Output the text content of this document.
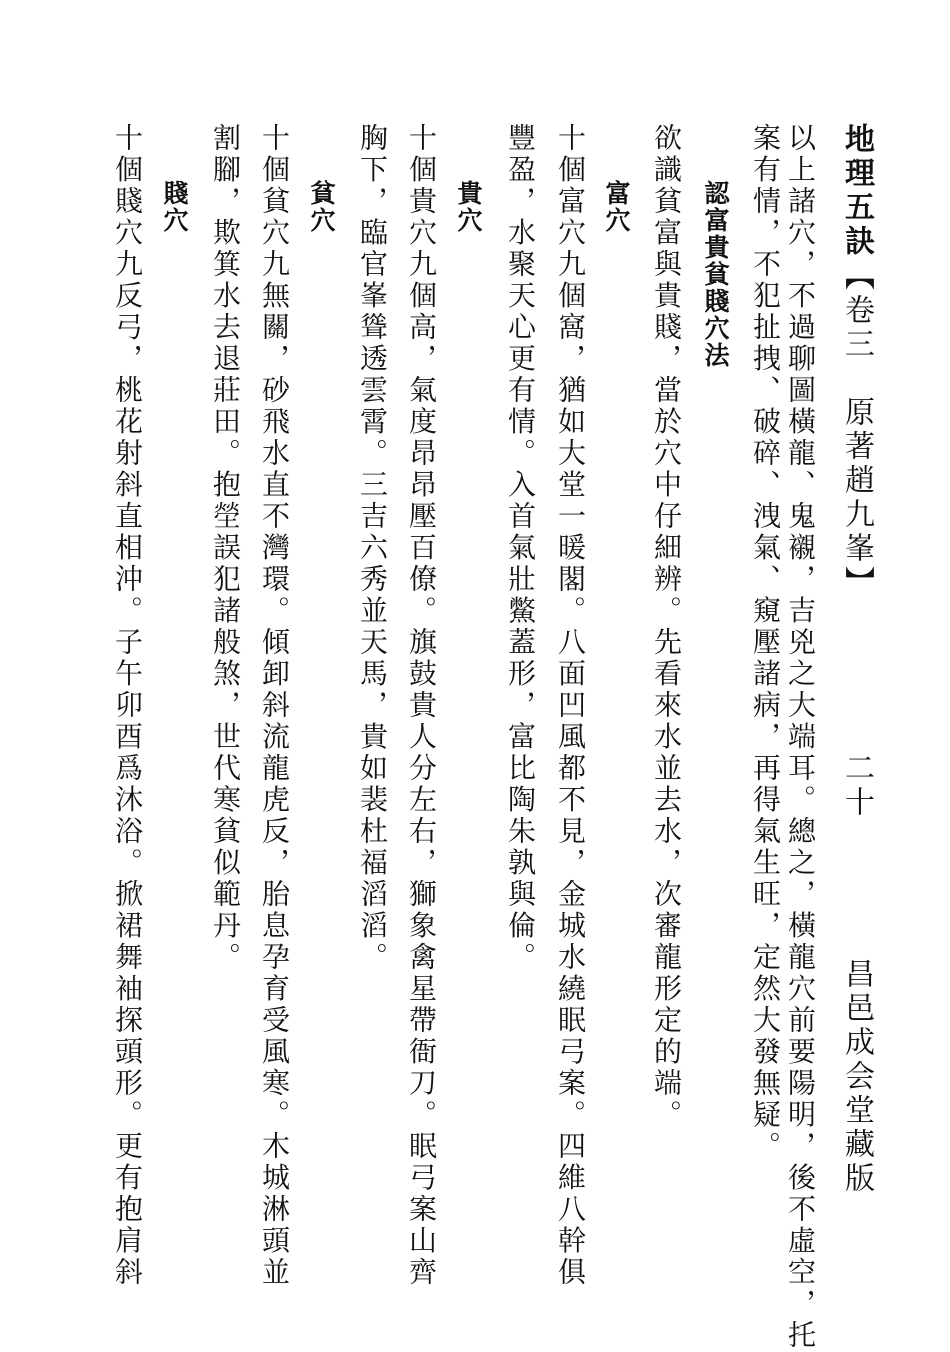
地理五訣
【卷三　原著趙九峯】
二十
昌邑成会堂藏版
以上諸穴，不過聊圖橫龍、鬼襯，吉兇之大端耳。總之，橫龍穴前要陽明，後不虛空，托
案有情，不犯扯拽、破碎、洩氣、窺壓諸病，再得氣生旺，定然大發無疑。
認富貴貧賤穴法
欲識貧富與貴賤，當於穴中仔細辨。先看來水並去水，次審龍形定的端。
富穴
十個富穴九個窩，猶如大堂一暖閣。八面凹風都不見，金城水繞眠弓案。四維八幹俱
豐盈，水聚天心更有情。入首氣壯鱉蓋形，富比陶朱孰與倫。
貴穴
十個貴穴九個高，氣度昂昂壓百僚。旗鼓貴人分左右，獅象禽星帶衙刀。眠弓案山齊
胸下，臨官峯聳透雲霄。三吉六秀並天馬，貴如裴杜福滔滔。
貧穴
十個貧穴九無關，砂飛水直不灣環。傾卸斜流龍虎反，胎息孕育受風寒。木城淋頭並
割腳，欺箕水去退莊田。抱塋誤犯諸般煞，世代寒貧似範丹。
賤穴
十個賤穴九反弓，桃花射斜直相沖。子午卯酉爲沐浴。掀裙舞袖探頭形。更有抱肩斜
